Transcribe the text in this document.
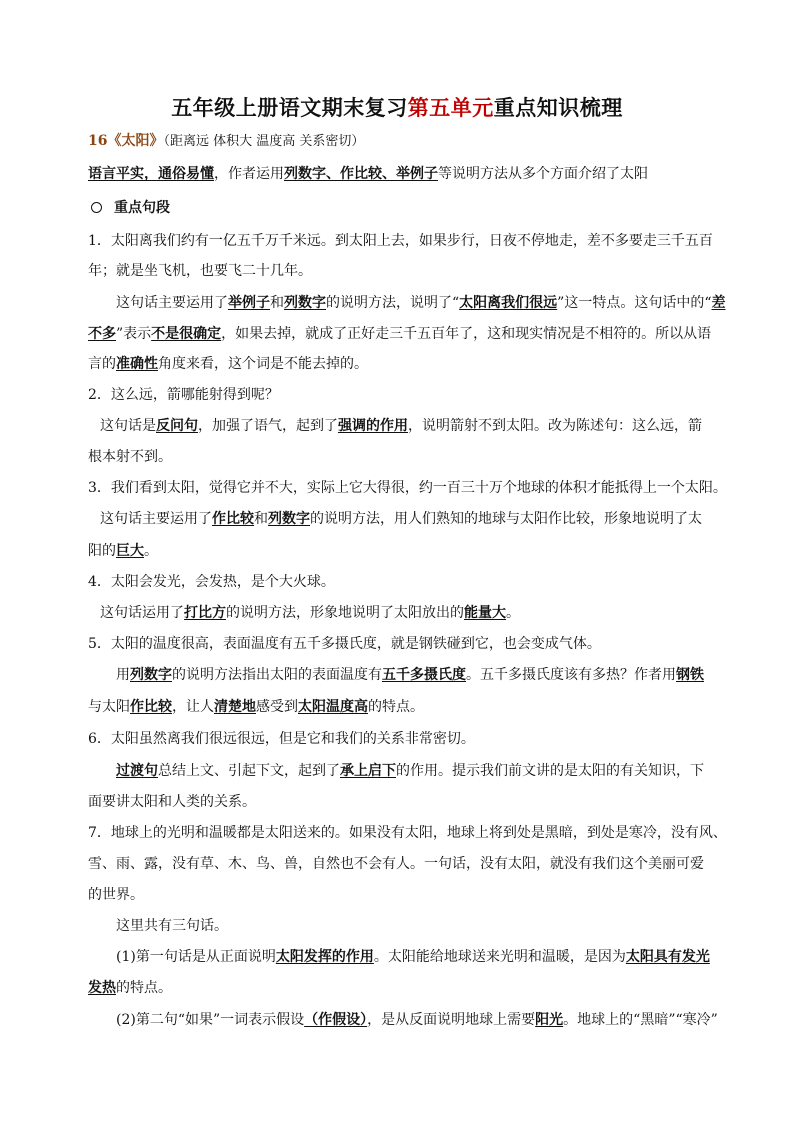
五年级上册语文期末复习第五单元重点知识梳理
16《太阳》（距离远 体积大 温度高 关系密切）
语言平实，通俗易懂，作者运用列数字、作比较、举例子等说明方法从多个方面介绍了太阳
重点句段
1．太阳离我们约有一亿五千万千米远。到太阳上去，如果步行，日夜不停地走，差不多要走三千五百
年；就是坐飞机，也要飞二十几年。
这句话主要运用了举例子和列数字的说明方法，说明了“太阳离我们很远”这一特点。这句话中的“差
不多”表示不是很确定，如果去掉，就成了正好走三千五百年了，这和现实情况是不相符的。所以从语
言的准确性角度来看，这个词是不能去掉的。
2．这么远，箭哪能射得到呢？
这句话是反问句，加强了语气，起到了强调的作用，说明箭射不到太阳。改为陈述句：这么远，箭
根本射不到。
3．我们看到太阳，觉得它并不大，实际上它大得很，约一百三十万个地球的体积才能抵得上一个太阳。
这句话主要运用了作比较和列数字的说明方法，用人们熟知的地球与太阳作比较，形象地说明了太
阳的巨大。
4．太阳会发光，会发热，是个大火球。
这句话运用了打比方的说明方法，形象地说明了太阳放出的能量大。
5．太阳的温度很高，表面温度有五千多摄氏度，就是钢铁碰到它，也会变成气体。
用列数字的说明方法指出太阳的表面温度有五千多摄氏度。五千多摄氏度该有多热？作者用钢铁
与太阳作比较，让人清楚地感受到太阳温度高的特点。
6．太阳虽然离我们很远很远，但是它和我们的关系非常密切。
过渡句总结上文、引起下文，起到了承上启下的作用。提示我们前文讲的是太阳的有关知识，下
面要讲太阳和人类的关系。
7．地球上的光明和温暖都是太阳送来的。如果没有太阳，地球上将到处是黑暗，到处是寒冷，没有风、
雪、雨、露，没有草、木、鸟、兽，自然也不会有人。一句话，没有太阳，就没有我们这个美丽可爱
的世界。
这里共有三句话。
(1)第一句话是从正面说明太阳发挥的作用。太阳能给地球送来光明和温暖，是因为太阳具有发光
发热的特点。
(2)第二句“如果”一词表示假设（作假设），是从反面说明地球上需要阳光。地球上的“黑暗”“寒冷”
